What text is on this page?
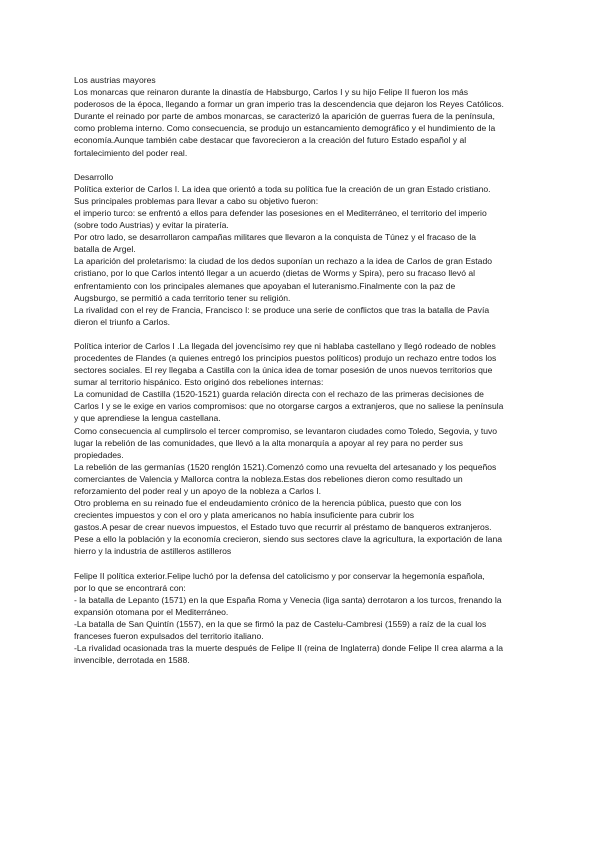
Los austrias mayores
Los monarcas que reinaron durante la dinastía de Habsburgo, Carlos I y su hijo Felipe II fueron los más
poderosos de la época, llegando a formar un gran imperio tras la descendencia que dejaron los Reyes Católicos.
Durante el reinado por parte de ambos monarcas, se caracterizó la aparición de guerras fuera de la península,
como problema interno. Como consecuencia, se produjo un estancamiento demográfico y el hundimiento de la
economía.Aunque también cabe destacar que favorecieron a la creación del futuro Estado español y al
fortalecimiento del poder real.
Desarrollo
Política exterior de Carlos I. La idea que orientó a toda su política fue la creación de un gran Estado cristiano.
Sus principales problemas para llevar a cabo su objetivo fueron:
el imperio turco: se enfrentó a ellos para defender las posesiones en el Mediterráneo, el territorio del imperio
(sobre todo Austrias) y evitar la piratería.
Por otro lado, se desarrollaron campañas militares que llevaron a la conquista de Túnez y el fracaso de la
batalla de Argel.
La aparición del proletarismo: la ciudad de los dedos suponían un rechazo a la idea de Carlos de gran Estado
cristiano, por lo que Carlos intentó llegar a un acuerdo (dietas de Worms y Spira), pero su fracaso llevó al
enfrentamiento con los principales alemanes que apoyaban el luteranismo.Finalmente con la paz de
Augsburgo, se permitió a cada territorio tener su religión.
La rivalidad con el rey de Francia, Francisco I: se produce una serie de conflictos que tras la batalla de Pavía
dieron el triunfo a Carlos.
Política interior de Carlos I .La llegada del jovencísimo rey que ni hablaba castellano y llegó rodeado de nobles
procedentes de Flandes (a quienes entregó los principios puestos políticos) produjo un rechazo entre todos los
sectores sociales. El rey llegaba a Castilla con la única idea de tomar posesión de unos nuevos territorios que
sumar al territorio hispánico. Esto originó dos rebeliones internas:
La comunidad de Castilla (1520-1521) guarda relación directa con el rechazo de las primeras decisiones de
Carlos I y se le exige en varios compromisos: que no otorgarse cargos a extranjeros, que no saliese la península
y que aprendiese la lengua castellana.
Como consecuencia al cumplirsolo el tercer compromiso, se levantaron ciudades como Toledo, Segovia, y tuvo
lugar la rebelión de las comunidades, que llevó a la alta monarquía a apoyar al rey para no perder sus
propiedades.
La rebelión de las germanías (1520 renglón 1521).Comenzó como una revuelta del artesanado y los pequeños
comerciantes de Valencia y Mallorca contra la nobleza.Estas dos rebeliones dieron como resultado un
reforzamiento del poder real y un apoyo de la nobleza a Carlos I.
Otro problema en su reinado fue el endeudamiento crónico de la herencia pública, puesto que con los
crecientes impuestos y con el oro y plata americanos no había insuficiente para cubrir los
gastos.A pesar de crear nuevos impuestos, el Estado tuvo que recurrir al préstamo de banqueros extranjeros.
Pese a ello la población y la economía crecieron, siendo sus sectores clave la agricultura, la exportación de lana
hierro y la industria de astilleros astilleros
Felipe II política exterior.Felipe luchó por la defensa del catolicismo y por conservar la hegemonía española,
por lo que se encontrará con:
- la batalla de Lepanto (1571) en la que España Roma y Venecia (liga santa) derrotaron a los turcos, frenando la
expansión otomana por el Mediterráneo.
-La batalla de San Quintín (1557), en la que se firmó la paz de Castelu-Cambresi (1559) a raíz de la cual los
franceses fueron expulsados del territorio italiano.
-La rivalidad ocasionada tras la muerte después de Felipe II (reina de Inglaterra) donde Felipe II crea alarma a la
invencible, derrotada en 1588.
